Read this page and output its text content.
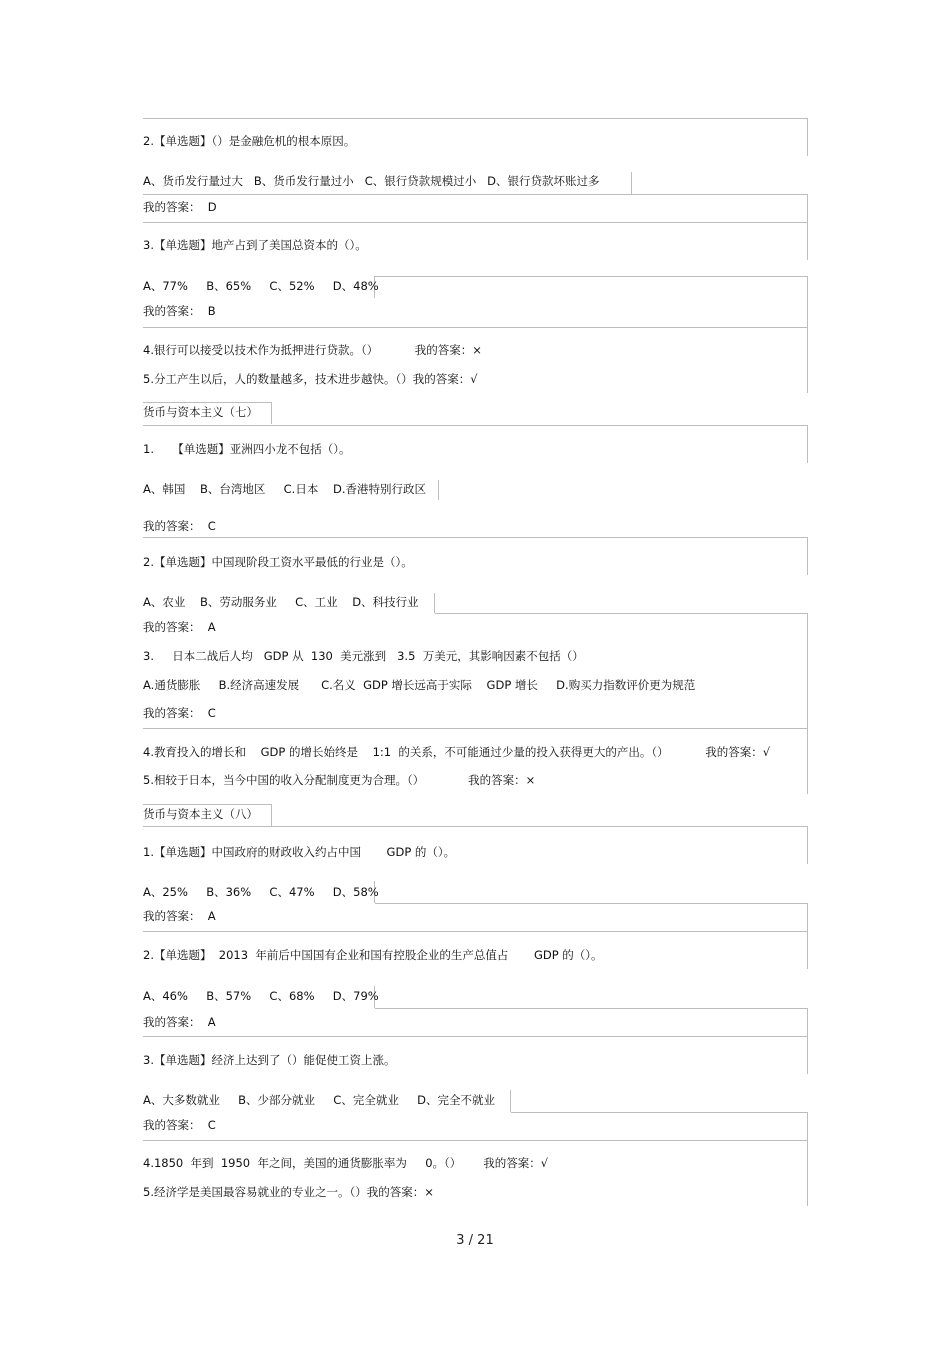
2.【单选题】（）是金融危机的根本原因。
A、货币发行量过大   B、货币发行量过小   C、银行贷款规模过小   D、银行贷款坏账过多
我的答案：  D
3.【单选题】地产占到了美国总资本的（）。
A、77%     B、65%     C、52%     D、48%
我的答案：  B
4.银行可以接受以技术作为抵押进行贷款。（）          我的答案：×
5.分工产生以后，人的数量越多，技术进步越快。（）我的答案：√
货币与资本主义（七）
1.     【单选题】亚洲四小龙不包括（）。
A、韩国    B、台湾地区     C.日本    D.香港特别行政区
我的答案：  C
2.【单选题】中国现阶段工资水平最低的行业是（）。
A、农业    B、劳动服务业     C、工业    D、科技行业
我的答案：  A
3.     日本二战后人均   GDP 从  130  美元涨到   3.5  万美元，其影响因素不包括（）
A.通货膨胀     B.经济高速发展      C.名义  GDP 增长远高于实际    GDP 增长     D.购买力指数评价更为规范
我的答案：  C
4.教育投入的增长和    GDP 的增长始终是    1:1  的关系，不可能通过少量的投入获得更大的产出。（）          我的答案：√
5.相较于日本，当今中国的收入分配制度更为合理。（）            我的答案：×
货币与资本主义（八）
1.【单选题】中国政府的财政收入约占中国       GDP 的（）。
A、25%     B、36%     C、47%     D、58%
我的答案：  A
2.【单选题】  2013  年前后中国国有企业和国有控股企业的生产总值占       GDP 的（）。
A、46%     B、57%     C、68%     D、79%
我的答案：  A
3.【单选题】经济上达到了（）能促使工资上涨。
A、大多数就业     B、少部分就业     C、完全就业     D、完全不就业
我的答案：  C
4.1850  年到  1950  年之间，美国的通货膨胀率为     0。（）      我的答案：√
5.经济学是美国最容易就业的专业之一。（）我的答案：×
3 / 21
